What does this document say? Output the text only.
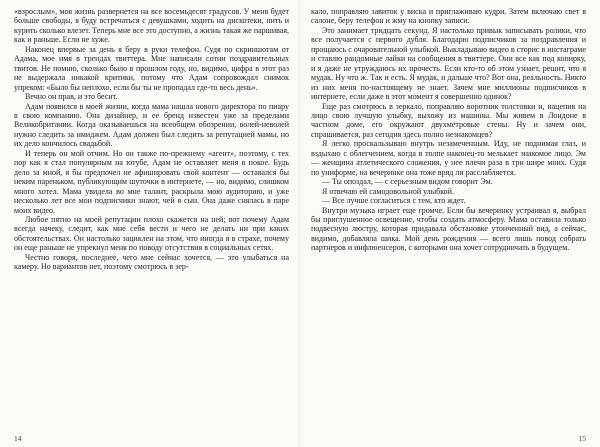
«взрослым», моя жизнь развернется на все восемьдесят градусов. У меня будет больше свободы, я буду встречаться с девушками, ходить на дискотеки, пить и курить сколько влезет. Теперь мне все это доступно, а жизнь такая же паршивая, как и раньше. Если не хуже.

Наконец впервые за день я беру в руки телефон. Судя по скриншотам от Адама, мое имя в трендах твиттера. Мне написали сотни поздравительных твитов. Не помню, сколько было в прошлом году, но, видимо, цифра в этот раз не выдержала никакой критики, потому что Адам сопровождал снимок упреком: «Было бы неплохо, если бы ты не пропадал где-то весь день».

Вечно он прав, и это бесит.

Адам появился в моей жизни, когда мама нашла нового директора по пиару в свою компанию. Она дизайнер, и ее бренд известен уже за пределами Великобритании. Когда оказываешься на всеобщем обозрении, волей-неволей нужно следить за имиджем. Адам должен был следить за репутацией мамы, но их дело кончилось свадьбой.

И теперь он мой отчим. Но он также по-прежнему «агент», поэтому, с тех пор как я стал популярным на ютубе, Адам не оставляет меня в покое. Будь дело за мной, я бы предпочел не афишировать свой контент — оставался бы неким пареньком, публикующим шуточки в интернете, — но, видимо, слишком много хотел. Мама увидела во мне талант, раскрыла мою аудиторию, и уже несколько лет все мои подписчики знают, чей я сын. Она даже снялась в паре моих видео.

Любое пятно на моей репутации плохо скажется на ней; вот почему Адам всегда начеку, следит, как мне себя вести и чего не делать ни при каких обстоятельствах. Он настолько зациклен на этом, что иногда я в страхе, почему он еще раньше не упрекнул меня по поводу отсутствия в социальных сетях.

Честно говоря, последнее, чего мне сейчас хочется, — это улыбаться на камеру. Но вариантов нет, поэтому смотрюсь в зер-

14

кало, поправляю завиток у виска и приглаживаю кудри. Затем включаю свет в салоне, беру телефон и жму на кнопку записи.

Это занимает тридцать секунд. Я настолько привык записывать ролики, что все получается с первого дубля. Благодарю подписчиков за поздравления и прощаюсь с очаровательной улыбкой. Выкладываю видео в сторис в инстаграме и ставлю рандомные лайки на сообщения в твиттере. Они все как под копирку, и я даже не утруждаюсь их прочесть. Если кто-то об этом узнает, решит, что я мудак. Ну что ж. Так и есть. Я мудак, и дальше что? Вот она, реальность. Никто из них меня по-настоящему не знает. Зачем мне миллионы подписчиков в интернете, если даже в этот момент я совершенно одинок?

Еще раз смотрюсь в зеркало, поправляю воротник толстовки и, нацепив на лицо свою лучшую улыбку, выхожу из машины. Мы живем в Лондоне в частном доме, его окружают двухметровые стены. Ну и зачем они, спрашивается, раз сегодня здесь полно незнакомцев?

Я легко проскальзываю внутрь незамеченным. Иду, не поднимая глаз, и вздыхаю с облегчением, когда в толпе наконец-то мелькает знакомое лицо. Эм — женщина атлетического сложения, у нее плечи раза в три шире моих. Судя по униформе, на вечеринке она тоже вряд ли расслабляется.

— Ты опоздал, — с серьезным видом говорит Эм.

Я отвечаю ей самодовольной улыбкой.

— Все лучше согласиться с тем, кто ждет.

Внутри музыка играет еще громче. Если бы вечеринку устраивал я, выбрал бы приглушенное освещение, чтобы создать атмосферу. Мама оставила только подвесную люстру, которая придавала обстановке утонченный вид, а сейчас, видимо, добавляла шика. Мой день рождения — всего лишь повод собрать партнеров и инфлюенсеров, с которыми она хочет сотрудничать в будущем.

15
